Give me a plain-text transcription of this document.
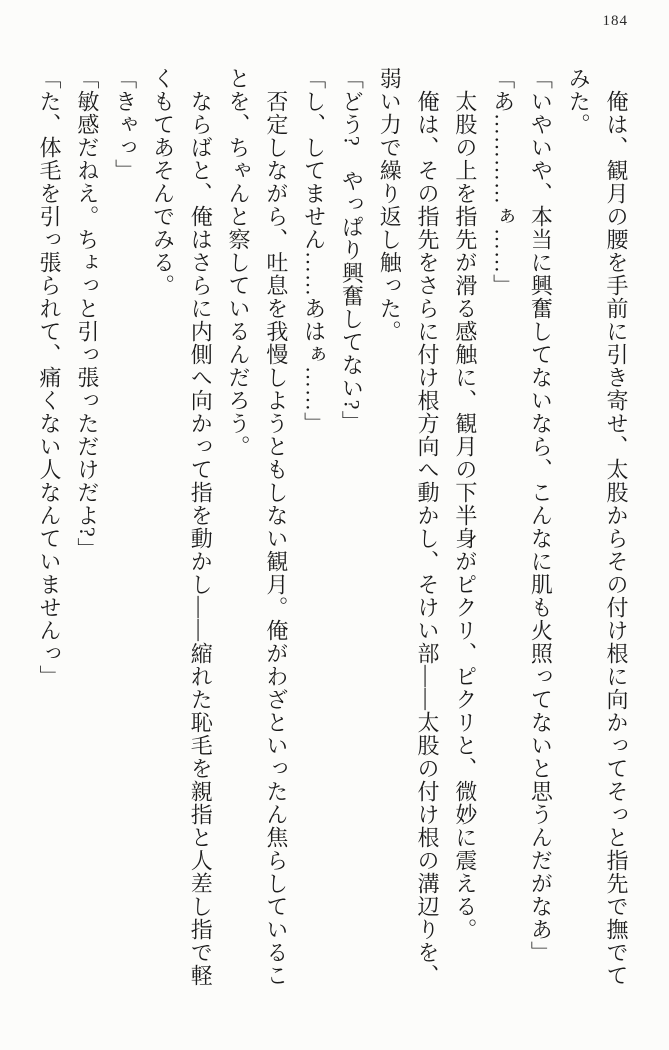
184

俺は、観月の腰を手前に引き寄せ、太股からその付け根に向かってそっと指先で撫でて

みた。

「いやいや、本当に興奮してないなら、こんなに肌も火照ってないと思うんだがなあ」

「あ…………ぁ……」

太股の上を指先が滑る感触に、観月の下半身がピクリ、ピクリと、微妙に震える。

俺は、その指先をさらに付け根方向へ動かし、そけい部――太股の付け根の溝辺りを、

弱い力で繰り返し触った。

「どう?　やっぱり興奮してない?」

「し、してません……あはぁ……」

否定しながら、吐息を我慢しようともしない観月。俺がわざといったん焦らしているこ

とを、ちゃんと察しているんだろう。

ならばと、俺はさらに内側へ向かって指を動かし――縮れた恥毛を親指と人差し指で軽

くもてあそんでみる。

「きゃっ」

「敏感だねえ。ちょっと引っ張っただけだよ?」

「た、体毛を引っ張られて、痛くない人なんていませんっ」
